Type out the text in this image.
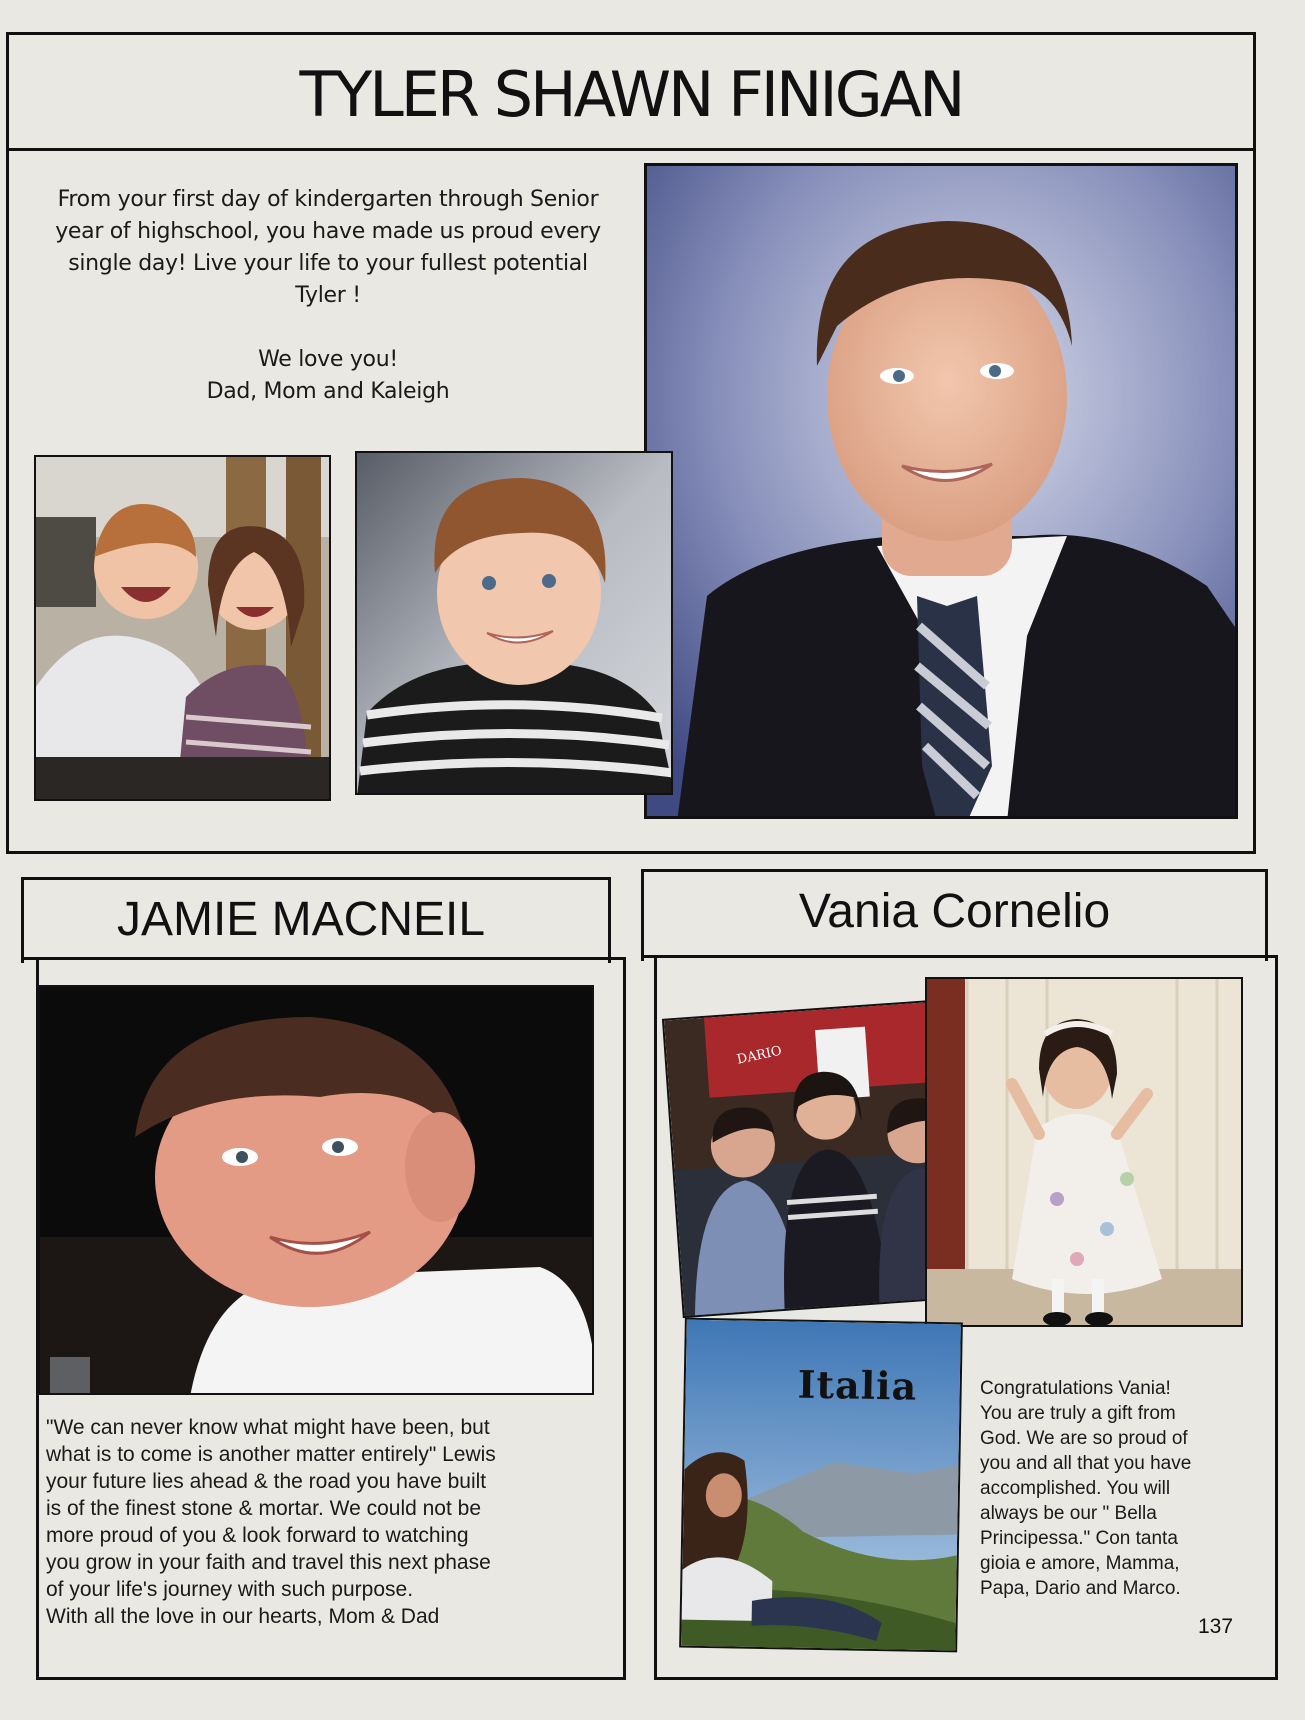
TYLER SHAWN FINIGAN
From your first day of kindergarten through Senior
year of highschool, you have made us proud every
single day! Live your life to your fullest potential
Tyler !
We love you!
Dad, Mom and Kaleigh
JAMIE MACNEIL
"We can never know what might have been, but
what is to come is another matter entirely" Lewis
your future lies ahead & the road you have built
is of the finest stone & mortar. We could not be
more proud of you & look forward to watching
you grow in your faith and travel this next phase
of your life's journey with such purpose.
With all the love in our hearts, Mom & Dad
Vania Cornelio
DARIO
Italia	Congratulations Vania!
You are truly a gift from
God. We are so proud of
you and all that you have
accomplished. You will
always be our " Bella
Principessa." Con tanta
gioia e amore, Mamma,
Papa, Dario and Marco.
137
